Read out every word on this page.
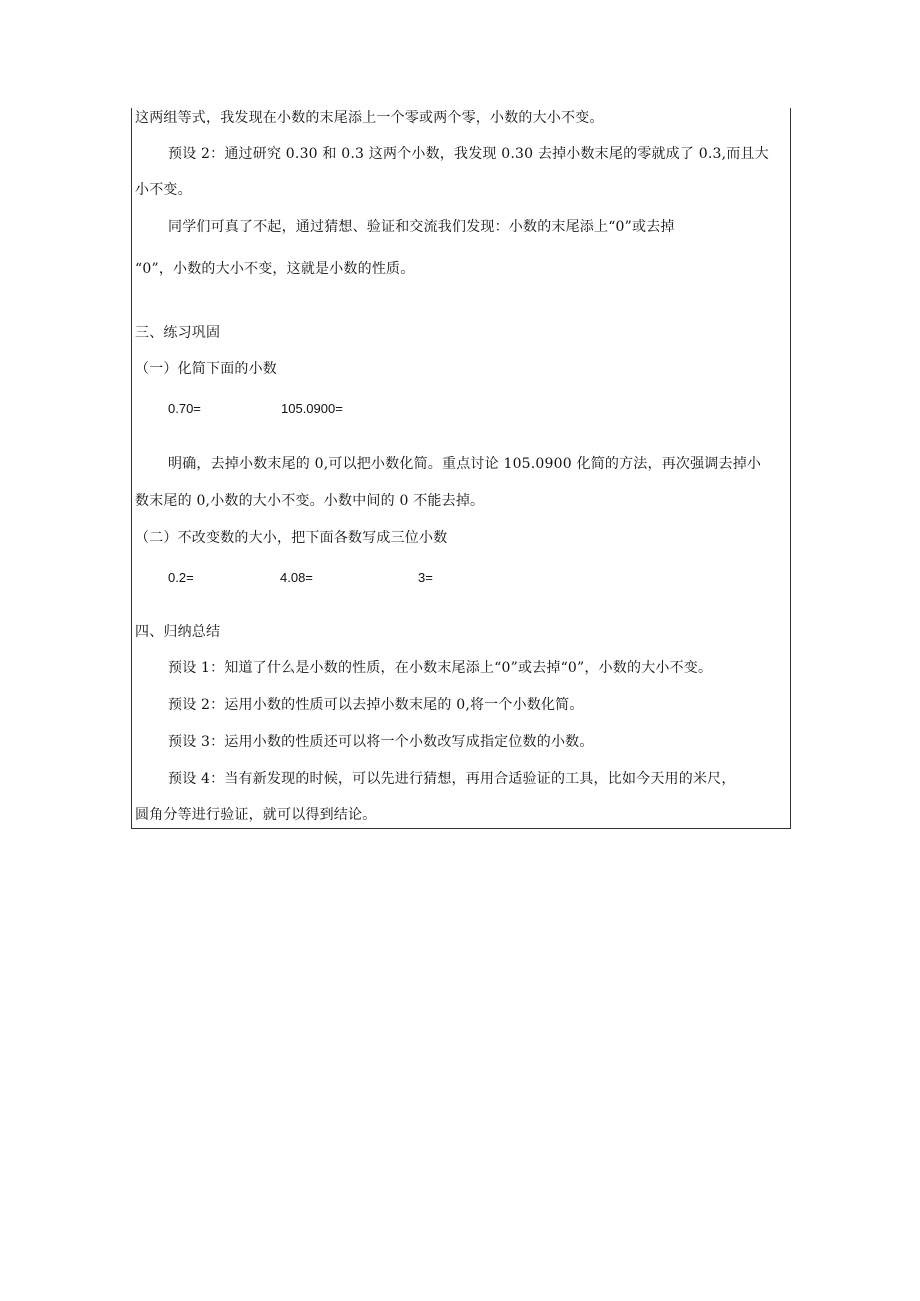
这两组等式，我发现在小数的末尾添上一个零或两个零，小数的大小不变。
预设 2：通过研究 0.30 和 0.3 这两个小数，我发现 0.30 去掉小数末尾的零就成了 0.3,而且大
小不变。
同学们可真了不起，通过猜想、验证和交流我们发现：小数的末尾添上“0”或去掉
“0”，小数的大小不变，这就是小数的性质。
三、练习巩固
（一）化简下面的小数
0.70=	105.0900=
明确，去掉小数末尾的 0,可以把小数化简。重点讨论 105.0900 化简的方法，再次强调去掉小
数末尾的 0,小数的大小不变。小数中间的 0 不能去掉。
（二）不改变数的大小，把下面各数写成三位小数
0.2=	4.08=	3=
四、归纳总结
预设 1：知道了什么是小数的性质，在小数末尾添上“0”或去掉“0”，小数的大小不变。
预设 2：运用小数的性质可以去掉小数末尾的 0,将一个小数化简。
预设 3：运用小数的性质还可以将一个小数改写成指定位数的小数。
预设 4：当有新发现的时候，可以先进行猜想，再用合适验证的工具，比如今天用的米尺，
圆角分等进行验证，就可以得到结论。
